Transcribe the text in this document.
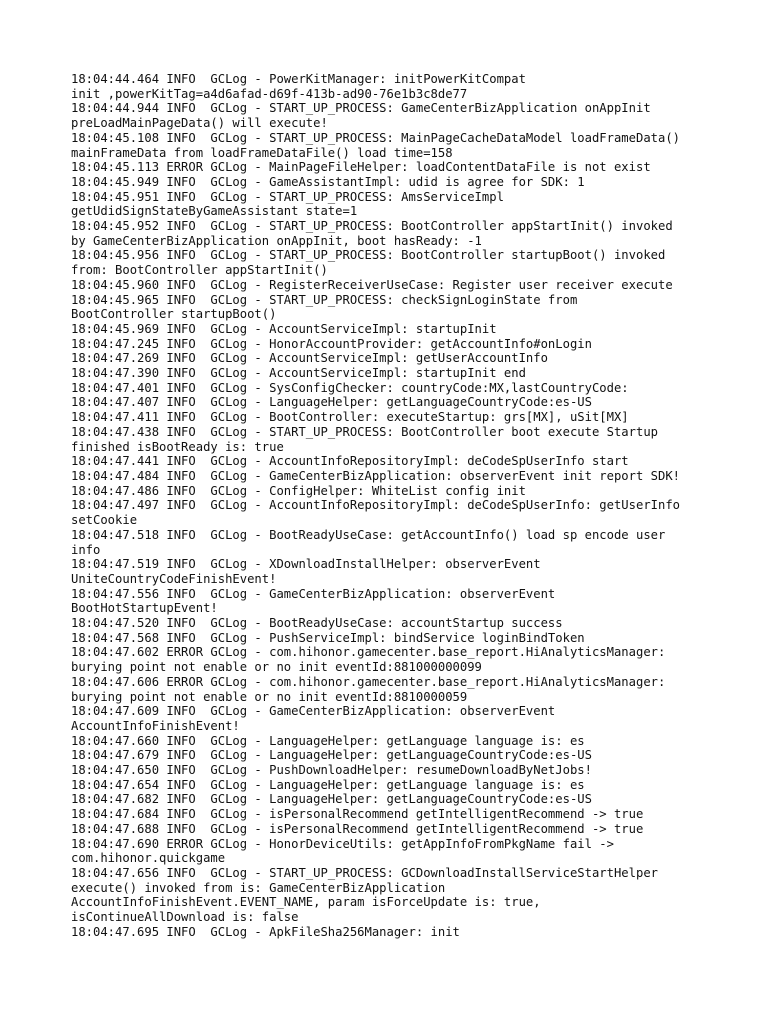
18:04:44.464 INFO  GCLog - PowerKitManager: initPowerKitCompat
init ,powerKitTag=a4d6afad-d69f-413b-ad90-76e1b3c8de77
18:04:44.944 INFO  GCLog - START_UP_PROCESS: GameCenterBizApplication onAppInit
preLoadMainPageData() will execute!
18:04:45.108 INFO  GCLog - START_UP_PROCESS: MainPageCacheDataModel loadFrameData()
mainFrameData from loadFrameDataFile() load time=158
18:04:45.113 ERROR GCLog - MainPageFileHelper: loadContentDataFile is not exist
18:04:45.949 INFO  GCLog - GameAssistantImpl: udid is agree for SDK: 1
18:04:45.951 INFO  GCLog - START_UP_PROCESS: AmsServiceImpl
getUdidSignStateByGameAssistant state=1
18:04:45.952 INFO  GCLog - START_UP_PROCESS: BootController appStartInit() invoked
by GameCenterBizApplication onAppInit, boot hasReady: -1
18:04:45.956 INFO  GCLog - START_UP_PROCESS: BootController startupBoot() invoked
from: BootController appStartInit()
18:04:45.960 INFO  GCLog - RegisterReceiverUseCase: Register user receiver execute
18:04:45.965 INFO  GCLog - START_UP_PROCESS: checkSignLoginState from
BootController startupBoot()
18:04:45.969 INFO  GCLog - AccountServiceImpl: startupInit
18:04:47.245 INFO  GCLog - HonorAccountProvider: getAccountInfo#onLogin
18:04:47.269 INFO  GCLog - AccountServiceImpl: getUserAccountInfo
18:04:47.390 INFO  GCLog - AccountServiceImpl: startupInit end
18:04:47.401 INFO  GCLog - SysConfigChecker: countryCode:MX,lastCountryCode:
18:04:47.407 INFO  GCLog - LanguageHelper: getLanguageCountryCode:es-US
18:04:47.411 INFO  GCLog - BootController: executeStartup: grs[MX], uSit[MX]
18:04:47.438 INFO  GCLog - START_UP_PROCESS: BootController boot execute Startup
finished isBootReady is: true
18:04:47.441 INFO  GCLog - AccountInfoRepositoryImpl: deCodeSpUserInfo start
18:04:47.484 INFO  GCLog - GameCenterBizApplication: observerEvent init report SDK!
18:04:47.486 INFO  GCLog - ConfigHelper: WhiteList config init
18:04:47.497 INFO  GCLog - AccountInfoRepositoryImpl: deCodeSpUserInfo: getUserInfo
setCookie
18:04:47.518 INFO  GCLog - BootReadyUseCase: getAccountInfo() load sp encode user
info
18:04:47.519 INFO  GCLog - XDownloadInstallHelper: observerEvent
UniteCountryCodeFinishEvent!
18:04:47.556 INFO  GCLog - GameCenterBizApplication: observerEvent
BootHotStartupEvent!
18:04:47.520 INFO  GCLog - BootReadyUseCase: accountStartup success
18:04:47.568 INFO  GCLog - PushServiceImpl: bindService loginBindToken
18:04:47.602 ERROR GCLog - com.hihonor.gamecenter.base_report.HiAnalyticsManager:
burying point not enable or no init eventId:881000000099
18:04:47.606 ERROR GCLog - com.hihonor.gamecenter.base_report.HiAnalyticsManager:
burying point not enable or no init eventId:8810000059
18:04:47.609 INFO  GCLog - GameCenterBizApplication: observerEvent
AccountInfoFinishEvent!
18:04:47.660 INFO  GCLog - LanguageHelper: getLanguage language is: es
18:04:47.679 INFO  GCLog - LanguageHelper: getLanguageCountryCode:es-US
18:04:47.650 INFO  GCLog - PushDownloadHelper: resumeDownloadByNetJobs!
18:04:47.654 INFO  GCLog - LanguageHelper: getLanguage language is: es
18:04:47.682 INFO  GCLog - LanguageHelper: getLanguageCountryCode:es-US
18:04:47.684 INFO  GCLog - isPersonalRecommend getIntelligentRecommend -> true
18:04:47.688 INFO  GCLog - isPersonalRecommend getIntelligentRecommend -> true
18:04:47.690 ERROR GCLog - HonorDeviceUtils: getAppInfoFromPkgName fail ->
com.hihonor.quickgame
18:04:47.656 INFO  GCLog - START_UP_PROCESS: GCDownloadInstallServiceStartHelper
execute() invoked from is: GameCenterBizApplication
AccountInfoFinishEvent.EVENT_NAME, param isForceUpdate is: true,
isContinueAllDownload is: false
18:04:47.695 INFO  GCLog - ApkFileSha256Manager: init
